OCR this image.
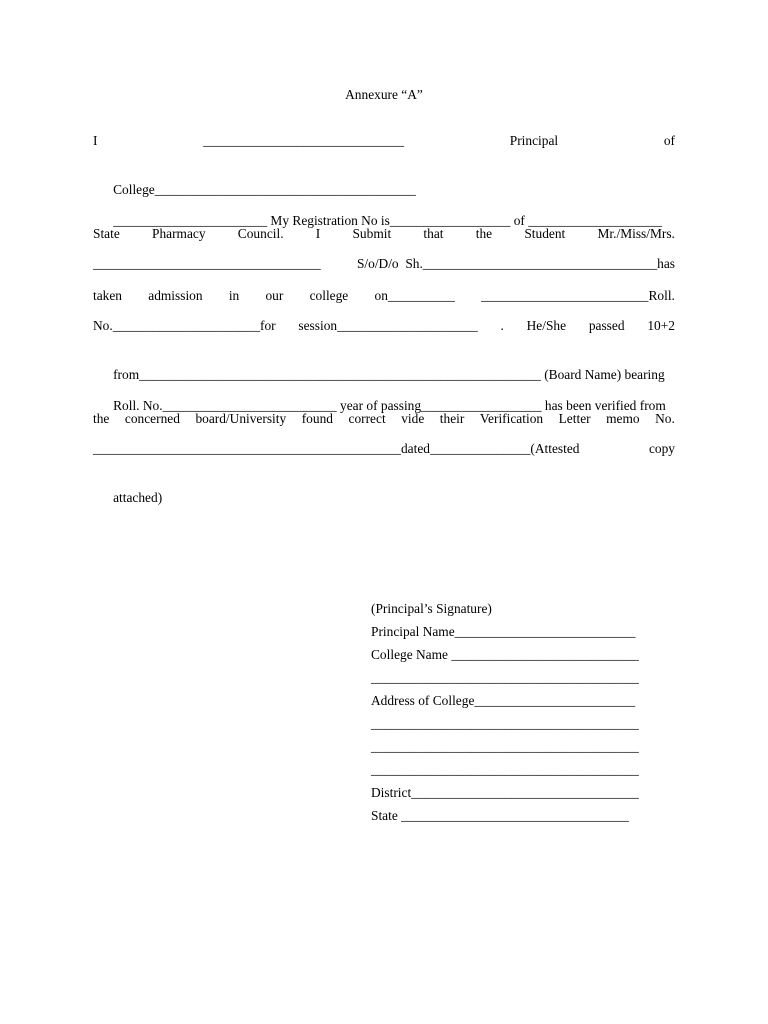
Annexure “A”
I	______________________________	Principal	of

College_______________________________________

_______________________ My Registration No is__________________ of ____________________

State Pharmacy Council. I Submit that the Student Mr./Miss/Mrs.
__________________________________	S/o/D/o  Sh.___________________________________has
taken admission in our college on__________ _________________________Roll.
No.______________________for session_____________________ . He/She passed 10+2

from____________________________________________________________ (Board Name) bearing

Roll. No.__________________________ year of passing__________________ has been verified from

the concerned board/University found correct vide their Verification Letter memo No.
______________________________________________dated_______________(Attested	copy

attached)

(Principal’s Signature)
Principal Name___________________________
College Name ____________________________
________________________________________
Address of College________________________
________________________________________
________________________________________
________________________________________
District__________________________________
State __________________________________
